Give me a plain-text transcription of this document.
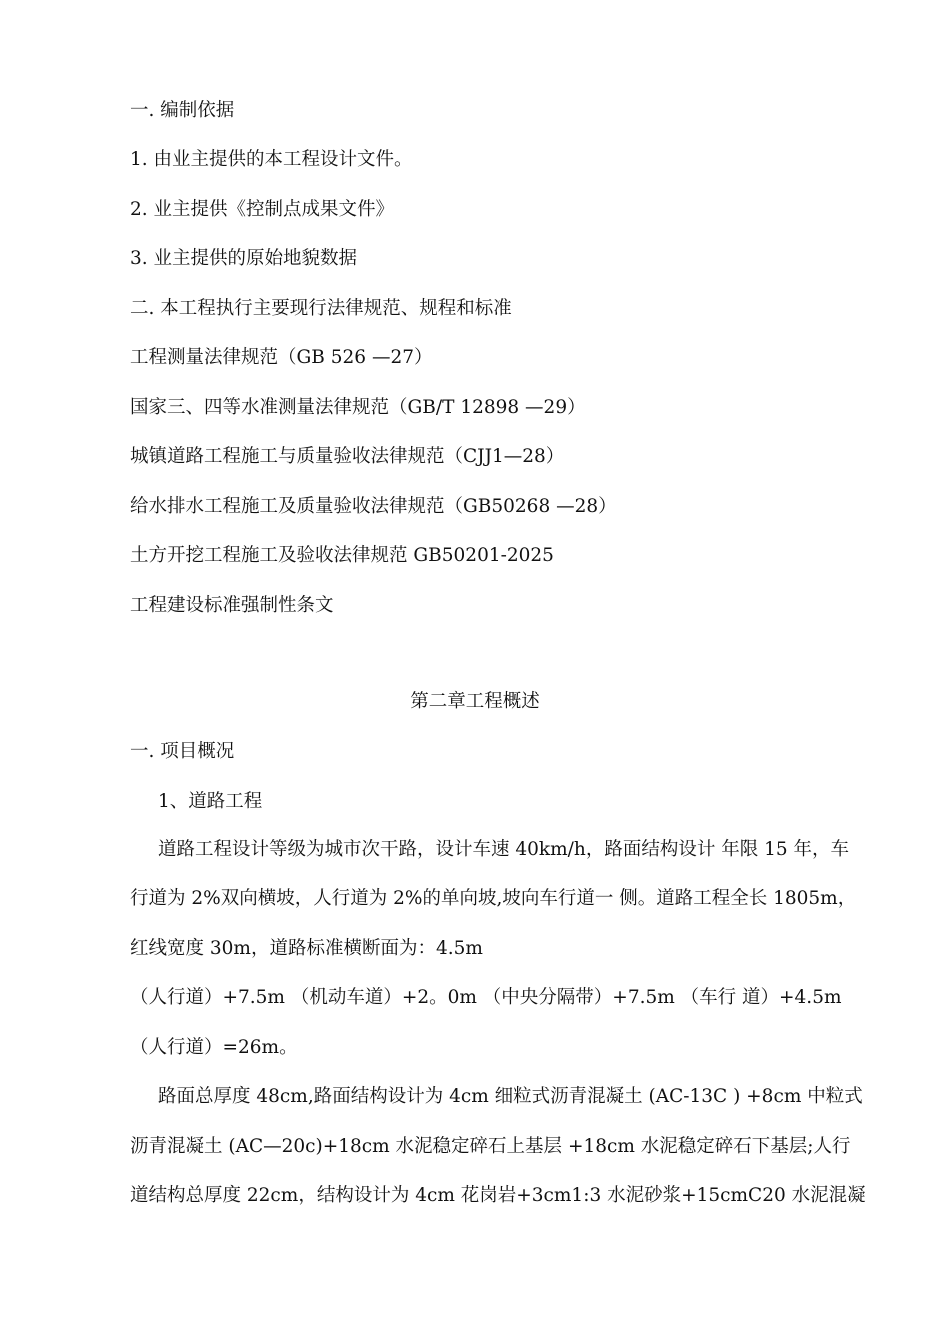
一. 编制依据
1. 由业主提供的本工程设计文件。
2. 业主提供《控制点成果文件》
3. 业主提供的原始地貌数据
二. 本工程执行主要现行法律规范、规程和标准
工程测量法律规范（GB 526 —27）
国家三、四等水准测量法律规范（GB/T 12898 —29）
城镇道路工程施工与质量验收法律规范（CJJ1—28）
给水排水工程施工及质量验收法律规范（GB50268 —28）
土方开挖工程施工及验收法律规范 GB50201-2025
工程建设标准强制性条文
第二章工程概述
一. 项目概况
1、道路工程
道路工程设计等级为城市次干路，设计车速 40km/h，路面结构设计 年限 15 年，车
行道为 2%双向横坡，人行道为 2%的单向坡,坡向车行道一 侧。道路工程全长 1805m，
红线宽度 30m，道路标准横断面为：4.5m
（人行道）+7.5m （机动车道）+2。0m （中央分隔带）+7.5m （车行 道）+4.5m
（人行道）=26m。
路面总厚度 48cm,路面结构设计为 4cm 细粒式沥青混凝土 (AC-13C ) +8cm 中粒式
沥青混凝土 (AC—20c)+18cm 水泥稳定碎石上基层 +18cm 水泥稳定碎石下基层;人行
道结构总厚度 22cm，结构设计为 4cm 花岗岩+3cm1:3 水泥砂浆+15cmC20 水泥混凝
